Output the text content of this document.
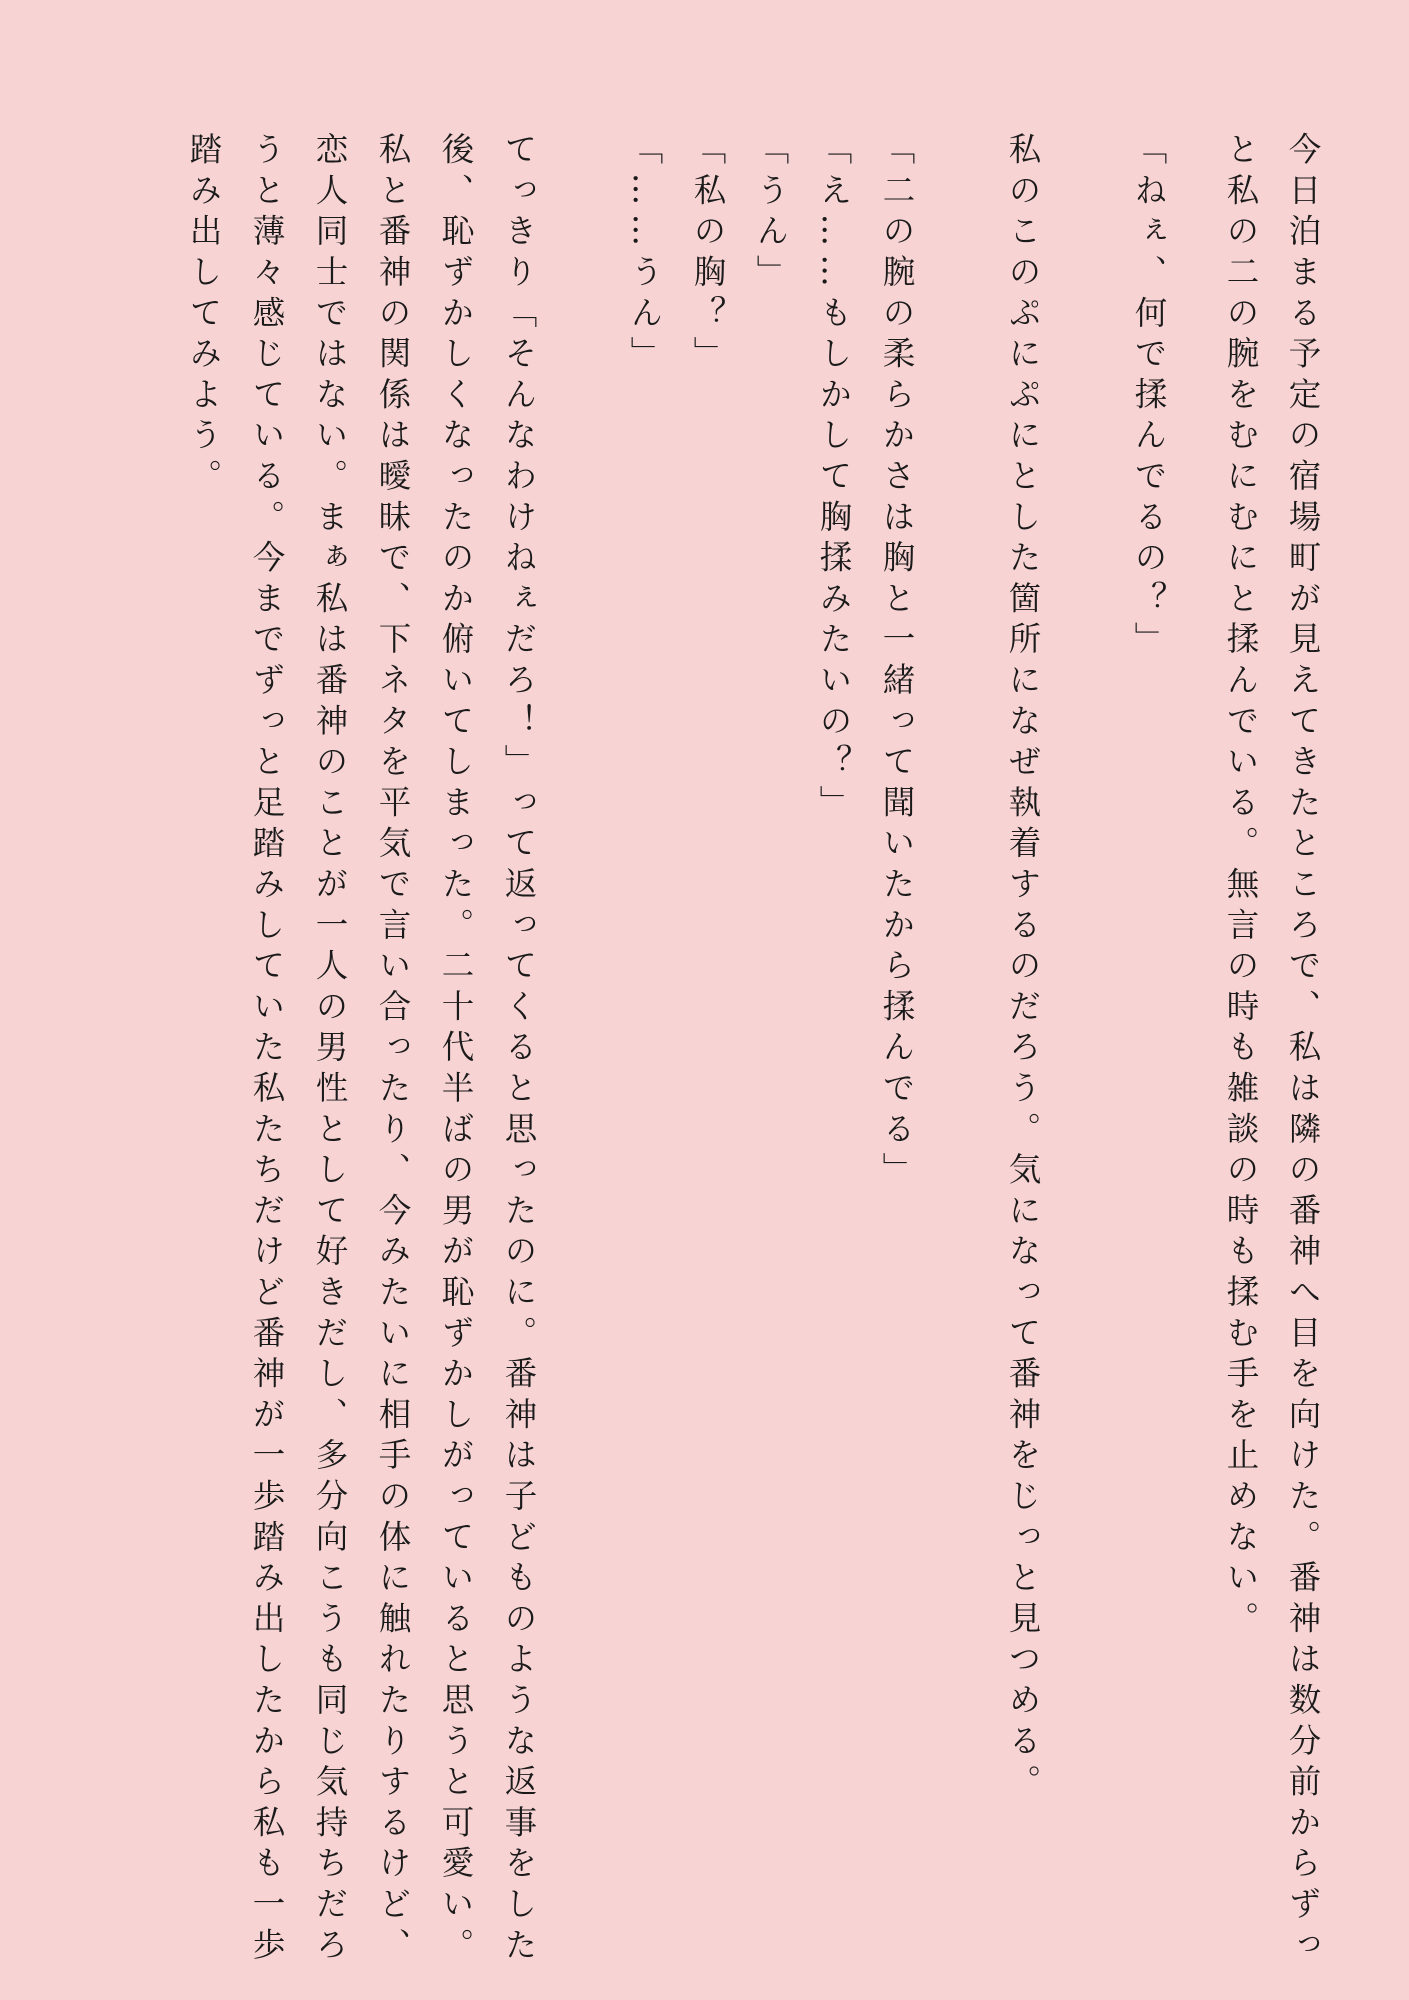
今日泊まる予定の宿場町が見えてきたところで、私は隣の番神へ目を向けた。番神は数分前からずっ
と私の二の腕をむにむにと揉んでいる。無言の時も雑談の時も揉む手を止めない。
「ねぇ、何で揉んでるの？」
私のこのぷにぷにとした箇所になぜ執着するのだろう。気になって番神をじっと見つめる。
「二の腕の柔らかさは胸と一緒って聞いたから揉んでる」
「え……もしかして胸揉みたいの？」
「うん」
「私の胸？」
「……うん」
てっきり「そんなわけねぇだろ！」って返ってくると思ったのに。番神は子どものような返事をした
後、恥ずかしくなったのか俯いてしまった。二十代半ばの男が恥ずかしがっていると思うと可愛い。
私と番神の関係は曖昧で、下ネタを平気で言い合ったり、今みたいに相手の体に触れたりするけど、
恋人同士ではない。まぁ私は番神のことが一人の男性として好きだし、多分向こうも同じ気持ちだろ
うと薄々感じている。今までずっと足踏みしていた私たちだけど番神が一歩踏み出したから私も一歩
踏み出してみよう。
